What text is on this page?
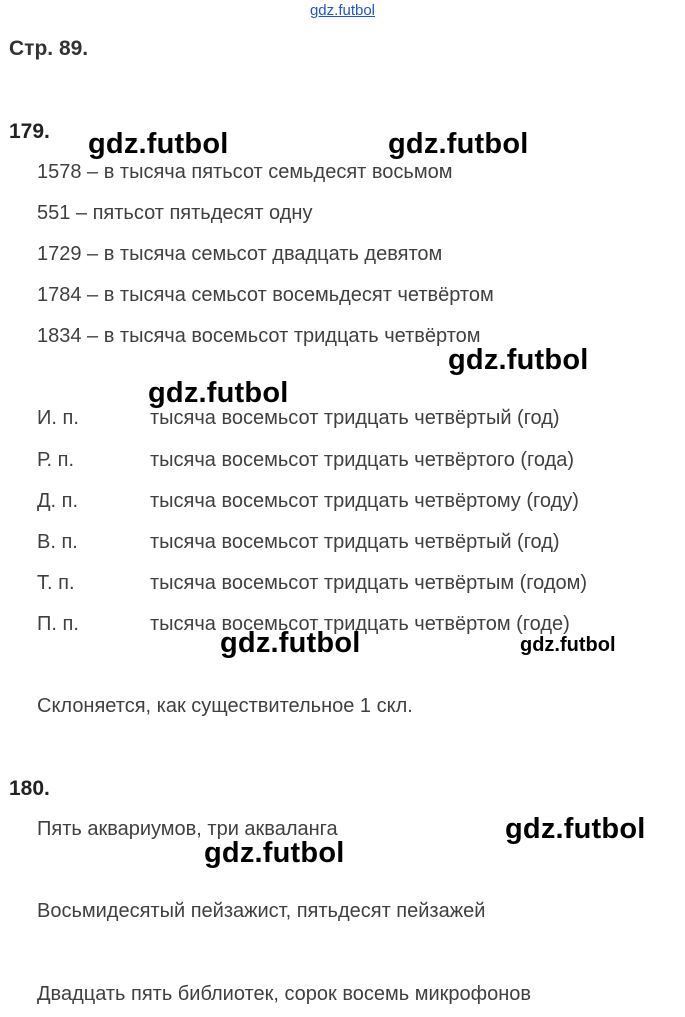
gdz.futbol
Стр. 89.
179.
1578 – в тысяча пятьсот семьдесят восьмом
551 – пятьсот пятьдесят одну
1729 – в тысяча семьсот двадцать девятом
1784 – в тысяча семьсот восемьдесят четвёртом
1834 – в тысяча восемьсот тридцать четвёртом
И. п.	тысяча восемьсот тридцать четвёртый (год)
Р. п.	тысяча восемьсот тридцать четвёртого (года)
Д. п.	тысяча восемьсот тридцать четвёртому (году)
В. п.	тысяча восемьсот тридцать четвёртый (год)
Т. п.	тысяча восемьсот тридцать четвёртым (годом)
П. п.	тысяча восемьсот тридцать четвёртом (годе)
Склоняется, как существительное 1 скл.
180.
Пять аквариумов, три акваланга
Восьмидесятый пейзажист, пятьдесят пейзажей
Двадцать пять библиотек, сорок восемь микрофонов
gdz.futbol	gdz.futbol
gdz.futbol
gdz.futbol
gdz.futbol	gdz.futbol
gdz.futbol
gdz.futbol
